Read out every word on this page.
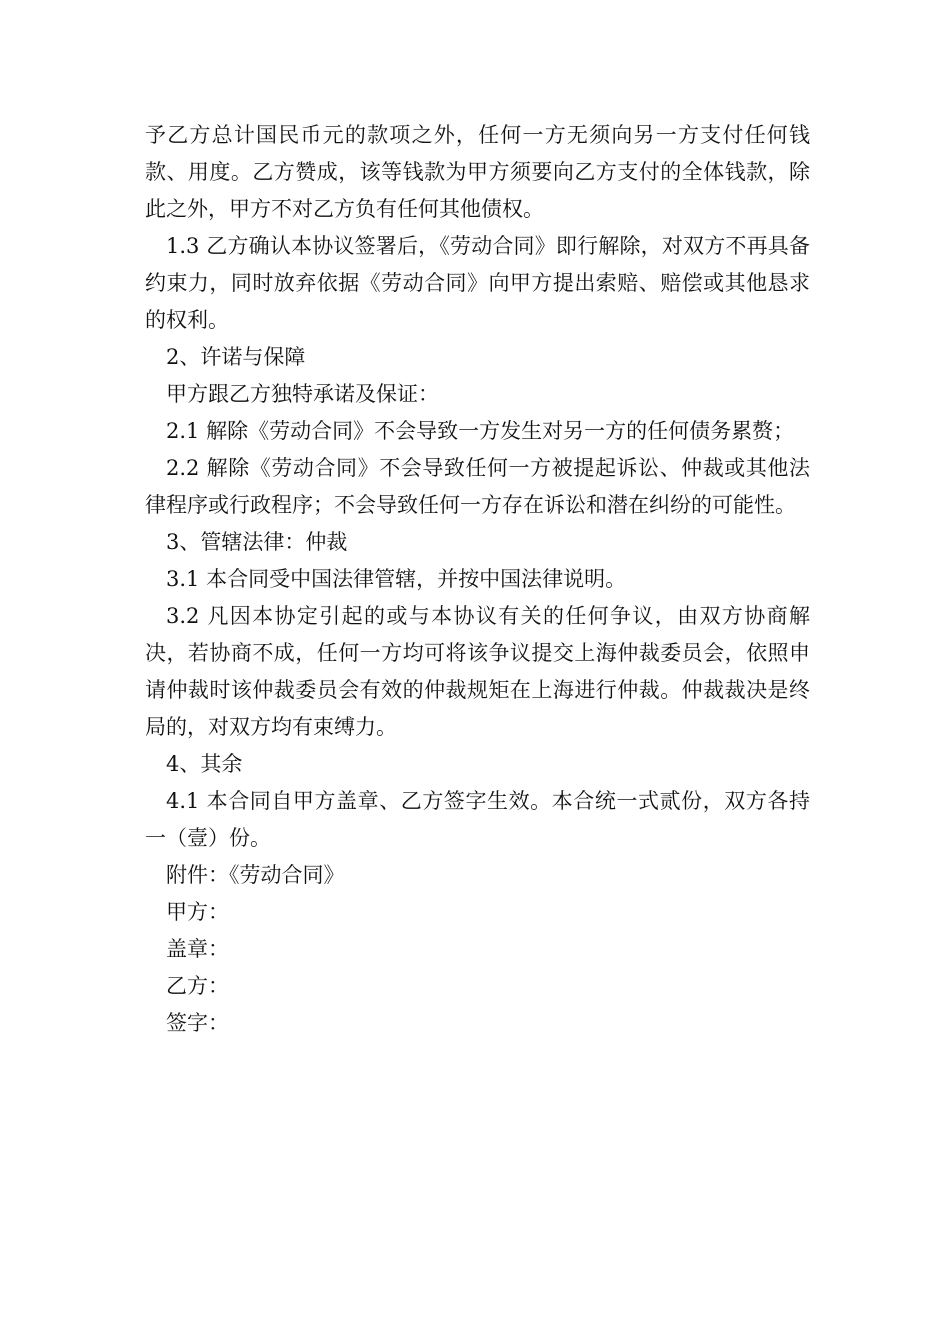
予乙方总计国民币元的款项之外，任何一方无须向另一方支付任何钱款、用度。乙方赞成，该等钱款为甲方须要向乙方支付的全体钱款，除此之外，甲方不对乙方负有任何其他债权。

1.3 乙方确认本协议签署后，《劳动合同》即行解除，对双方不再具备约束力，同时放弃依据《劳动合同》向甲方提出索赔、赔偿或其他恳求的权利。

2、许诺与保障

甲方跟乙方独特承诺及保证：

2.1 解除《劳动合同》不会导致一方发生对另一方的任何债务累赘；

2.2 解除《劳动合同》不会导致任何一方被提起诉讼、仲裁或其他法律程序或行政程序；不会导致任何一方存在诉讼和潜在纠纷的可能性。

3、管辖法律：仲裁

3.1 本合同受中国法律管辖，并按中国法律说明。

3.2 凡因本协定引起的或与本协议有关的任何争议，由双方协商解决，若协商不成，任何一方均可将该争议提交上海仲裁委员会，依照申请仲裁时该仲裁委员会有效的仲裁规矩在上海进行仲裁。仲裁裁决是终局的，对双方均有束缚力。

4、其余

4.1 本合同自甲方盖章、乙方签字生效。本合统一式贰份，双方各持一（壹）份。

附件：《劳动合同》

甲方：

盖章：

乙方：

签字：
